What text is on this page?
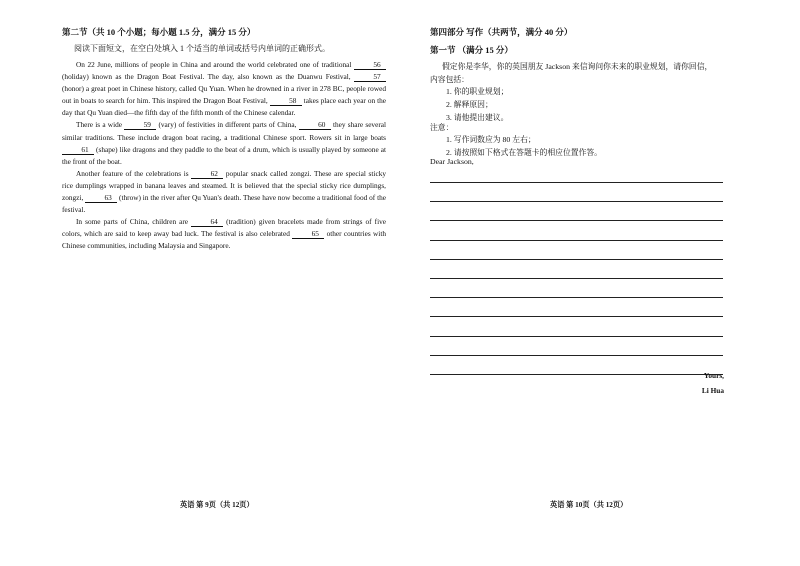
第二节（共 10 个小题；每小题 1.5 分，满分 15 分）
阅读下面短文，在空白处填入 1 个适当的单词或括号内单词的正确形式。

On 22 June, millions of people in China and around the world celebrated one of traditional	56 (holiday) known as the Dragon Boat Festival. The day, also known as the Duanwu Festival,	57 (honor) a great poet in Chinese history, called Qu Yuan. When he drowned in a river in 278 BC, people rowed out in boats to search for him. This inspired the Dragon Boat Festival,	58 takes place each year on the day that Qu Yuan died—the fifth day of the fifth month of the Chinese calendar.

There is a wide	59 (vary) of festivities in different parts of China,	60 they share several similar traditions. These include dragon boat racing, a traditional Chinese sport. Rowers sit in large boats 61 (shape) like dragons and they paddle to the beat of a drum, which is usually played by someone at the front of the boat.

Another feature of the celebrations is	62 popular snack called zongzi. These are special sticky rice dumplings wrapped in banana leaves and steamed. It is believed that the special sticky rice dumplings, zongzi,	63 (throw) in the river after Qu Yuan's death. These have now become a traditional food of the festival.

In some parts of China, children are	64 (tradition) given bracelets made from strings of five colors, which are said to keep away bad luck. The festival is also celebrated	65 other countries with Chinese communities, including Malaysia and Singapore.

英语 第 9页（共 12页）
第四部分 写作（共两节，满分 40 分）
第一节 （满分 15 分）
假定你是李华，你的英国朋友 Jackson 来信询问你未来的职业规划，请你回信，
内容包括：
1. 你的职业规划；
2. 解释原因；
3. 请他提出建议。
注意：
1. 写作词数应为 80 左右；
2. 请按照如下格式在答题卡的相应位置作答。
Dear Jackson,
Yours,
Li Hua
英语 第 10页（共 12页）
